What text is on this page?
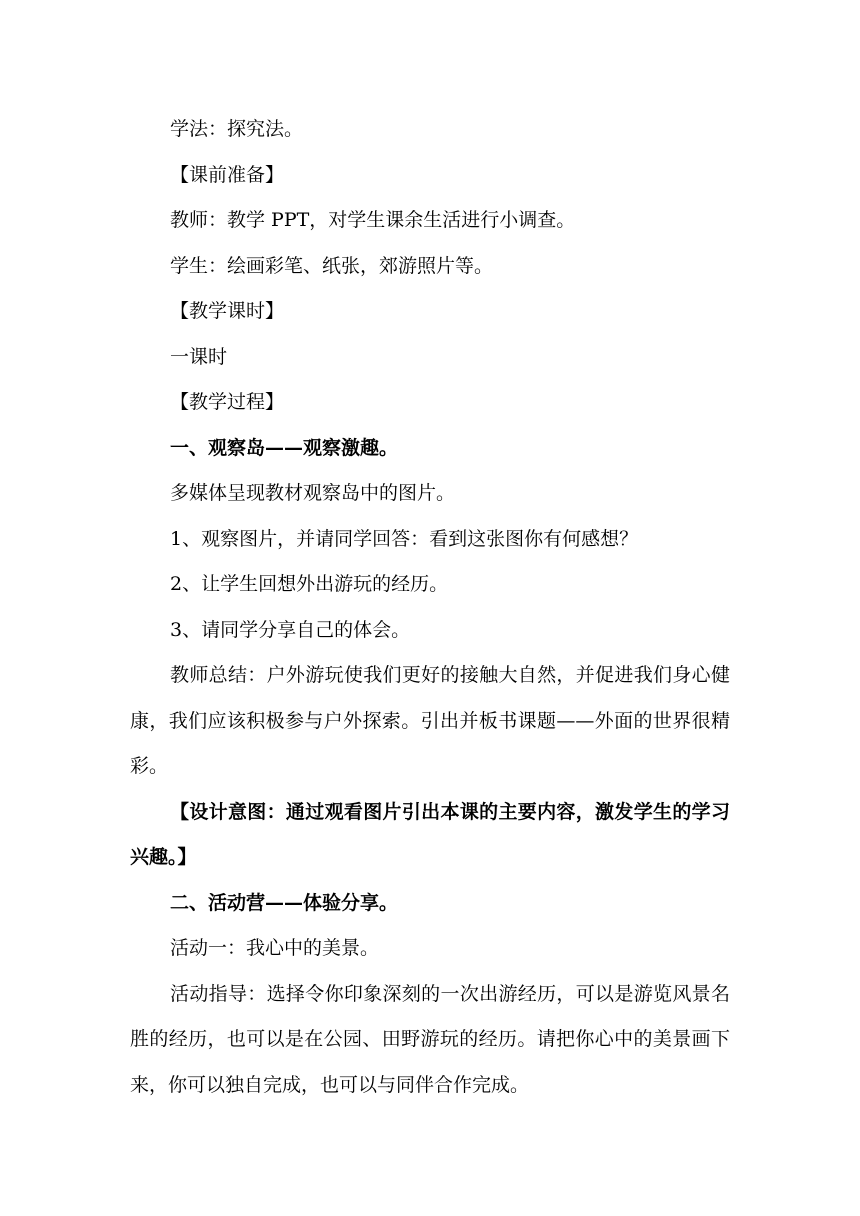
学法：探究法。

【课前准备】

教师：教学 PPT，对学生课余生活进行小调查。

学生：绘画彩笔、纸张，郊游照片等。

【教学课时】

一课时

【教学过程】

一、观察岛——观察激趣。

多媒体呈现教材观察岛中的图片。

1、观察图片，并请同学回答：看到这张图你有何感想？

2、让学生回想外出游玩的经历。

3、请同学分享自己的体会。

教师总结：户外游玩使我们更好的接触大自然，并促进我们身心健康，我们应该积极参与户外探索。引出并板书课题——外面的世界很精彩。

【设计意图：通过观看图片引出本课的主要内容，激发学生的学习兴趣。】

二、活动营——体验分享。

活动一：我心中的美景。

活动指导：选择令你印象深刻的一次出游经历，可以是游览风景名胜的经历，也可以是在公园、田野游玩的经历。请把你心中的美景画下来，你可以独自完成，也可以与同伴合作完成。
